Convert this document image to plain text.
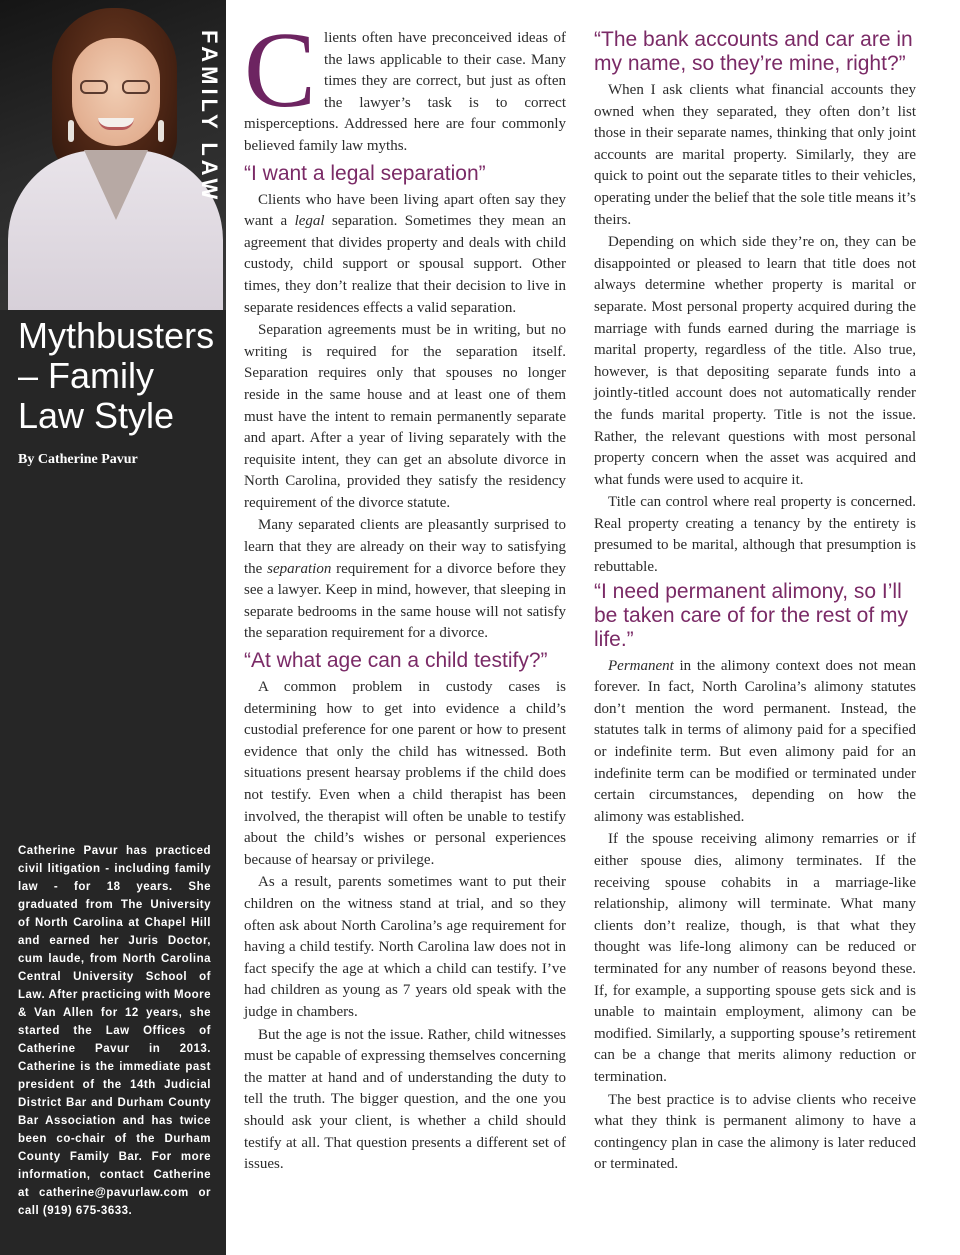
FAMILY LAW
Mythbusters – Family Law Style
By Catherine Pavur
Catherine Pavur has practiced civil litigation - including family law - for 18 years. She graduated from The University of North Carolina at Chapel Hill and earned her Juris Doctor, cum laude, from North Carolina Central University School of Law. After practicing with Moore & Van Allen for 12 years, she started the Law Offices of Catherine Pavur in 2013. Catherine is the immediate past president of the 14th Judicial District Bar and Durham County Bar Association and has twice been co-chair of the Durham County Family Bar. For more information, contact Catherine at catherine@pavurlaw.com or call (919) 675-3633.
C lients often have preconceived ideas of the laws applicable to their case. Many times they are correct, but just as often the lawyer’s task is to correct misperceptions. Addressed here are four commonly believed family law myths.

“I want a legal separation”

Clients who have been living apart often say they want a legal separation. Sometimes they mean an agreement that divides property and deals with child custody, child support or spousal support. Other times, they don’t realize that their decision to live in separate residences effects a valid separation.

Separation agreements must be in writing, but no writing is required for the separation itself. Separation requires only that spouses no longer reside in the same house and at least one of them must have the intent to remain permanently separate and apart. After a year of living separately with the requisite intent, they can get an absolute divorce in North Carolina, provided they satisfy the residency requirement of the divorce statute.

Many separated clients are pleasantly surprised to learn that they are already on their way to satisfying the separation requirement for a divorce before they see a lawyer. Keep in mind, however, that sleeping in separate bedrooms in the same house will not satisfy the separation requirement for a divorce.

“At what age can a child testify?”

A common problem in custody cases is determining how to get into evidence a child’s custodial preference for one parent or how to present evidence that only the child has witnessed. Both situations present hearsay problems if the child does not testify. Even when a child therapist has been involved, the therapist will often be unable to testify about the child’s wishes or personal experiences because of hearsay or privilege.

As a result, parents sometimes want to put their children on the witness stand at trial, and so they often ask about North Carolina’s age requirement for having a child testify. North Carolina law does not in fact specify the age at which a child can testify. I’ve had children as young as 7 years old speak with the judge in chambers.

But the age is not the issue. Rather, child witnesses must be capable of expressing themselves concerning the matter at hand and of understanding the duty to tell the truth. The bigger question, and the one you should ask your client, is whether a child should testify at all. That question presents a different set of issues.

“The bank accounts and car are in my name, so they’re mine, right?”

When I ask clients what financial accounts they owned when they separated, they often don’t list those in their separate names, thinking that only joint accounts are marital property. Similarly, they are quick to point out the separate titles to their vehicles, operating under the belief that the sole title means it’s theirs.

Depending on which side they’re on, they can be disappointed or pleased to learn that title does not always determine whether property is marital or separate. Most personal property acquired during the marriage with funds earned during the marriage is marital property, regardless of the title. Also true, however, is that depositing separate funds into a jointly-titled account does not automatically render the funds marital property. Title is not the issue. Rather, the relevant questions with most personal property concern when the asset was acquired and what funds were used to acquire it.

Title can control where real property is concerned. Real property creating a tenancy by the entirety is presumed to be marital, although that presumption is rebuttable.

“I need permanent alimony, so I’ll be taken care of for the rest of my life.”

Permanent in the alimony context does not mean forever. In fact, North Carolina’s alimony statutes don’t mention the word permanent. Instead, the statutes talk in terms of alimony paid for a specified or indefinite term. But even alimony paid for an indefinite term can be modified or terminated under certain circumstances, depending on how the alimony was established.

If the spouse receiving alimony remarries or if either spouse dies, alimony terminates. If the receiving spouse cohabits in a marriage-like relationship, alimony will terminate. What many clients don’t realize, though, is that what they thought was life-long alimony can be reduced or terminated for any number of reasons beyond these. If, for example, a supporting spouse gets sick and is unable to maintain employment, alimony can be modified. Similarly, a supporting spouse’s retirement can be a change that merits alimony reduction or termination.

The best practice is to advise clients who receive what they think is permanent alimony to have a contingency plan in case the alimony is later reduced or terminated.
